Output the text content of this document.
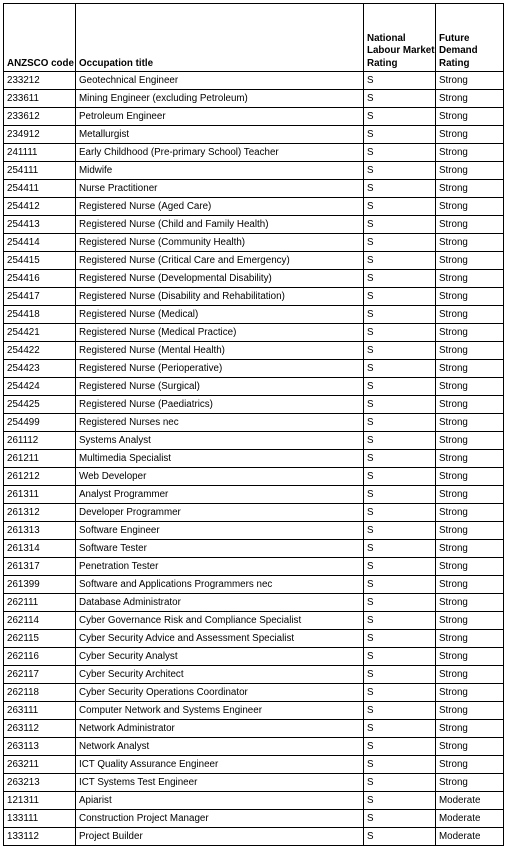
ANZSCO code	Occupation title	National Labour Market Rating	Future Demand Rating
233212	Geotechnical Engineer	S	Strong
233611	Mining Engineer (excluding Petroleum)	S	Strong
233612	Petroleum Engineer	S	Strong
234912	Metallurgist	S	Strong
241111	Early Childhood (Pre-primary School) Teacher	S	Strong
254111	Midwife	S	Strong
254411	Nurse Practitioner	S	Strong
254412	Registered Nurse (Aged Care)	S	Strong
254413	Registered Nurse (Child and Family Health)	S	Strong
254414	Registered Nurse (Community Health)	S	Strong
254415	Registered Nurse (Critical Care and Emergency)	S	Strong
254416	Registered Nurse (Developmental Disability)	S	Strong
254417	Registered Nurse (Disability and Rehabilitation)	S	Strong
254418	Registered Nurse (Medical)	S	Strong
254421	Registered Nurse (Medical Practice)	S	Strong
254422	Registered Nurse (Mental Health)	S	Strong
254423	Registered Nurse (Perioperative)	S	Strong
254424	Registered Nurse (Surgical)	S	Strong
254425	Registered Nurse (Paediatrics)	S	Strong
254499	Registered Nurses nec	S	Strong
261112	Systems Analyst	S	Strong
261211	Multimedia Specialist	S	Strong
261212	Web Developer	S	Strong
261311	Analyst Programmer	S	Strong
261312	Developer Programmer	S	Strong
261313	Software Engineer	S	Strong
261314	Software Tester	S	Strong
261317	Penetration Tester	S	Strong
261399	Software and Applications Programmers nec	S	Strong
262111	Database Administrator	S	Strong
262114	Cyber Governance Risk and Compliance Specialist	S	Strong
262115	Cyber Security Advice and Assessment Specialist	S	Strong
262116	Cyber Security Analyst	S	Strong
262117	Cyber Security Architect	S	Strong
262118	Cyber Security Operations Coordinator	S	Strong
263111	Computer Network and Systems Engineer	S	Strong
263112	Network Administrator	S	Strong
263113	Network Analyst	S	Strong
263211	ICT Quality Assurance Engineer	S	Strong
263213	ICT Systems Test Engineer	S	Strong
121311	Apiarist	S	Moderate
133111	Construction Project Manager	S	Moderate
133112	Project Builder	S	Moderate
